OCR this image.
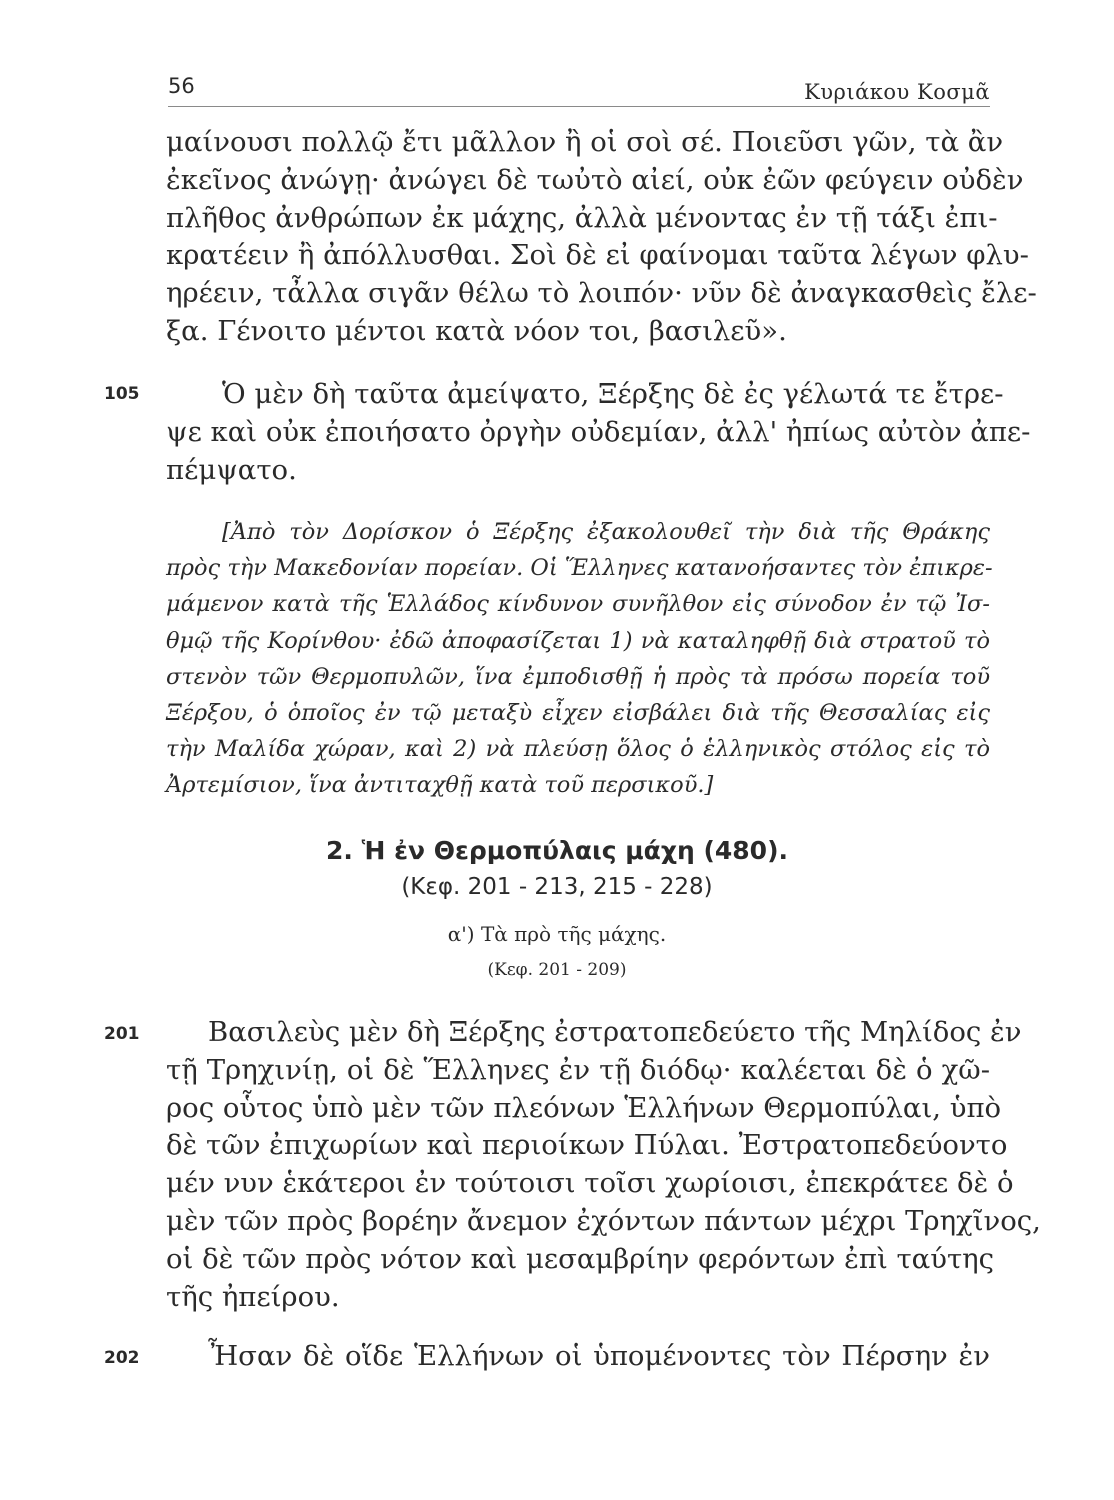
56	Κυριάκου Κοσμᾶ
μαίνουσι πολλῷ ἔτι μᾶλλον ἢ οἱ σοὶ σέ. Ποιεῦσι γῶν, τὰ ἂν
ἐκεῖνος ἀνώγῃ· ἀνώγει δὲ τωὐτὸ αἰεί, οὐκ ἐῶν φεύγειν οὐδὲν
πλῆθος ἀνθρώπων ἐκ μάχης, ἀλλὰ μένοντας ἐν τῇ τάξι ἐπι-
κρατέειν ἢ ἀπόλλυσθαι. Σοὶ δὲ εἰ φαίνομαι ταῦτα λέγων φλυ-
ηρέειν, τἆλλα σιγᾶν θέλω τὸ λοιπόν· νῦν δὲ ἀναγκασθεὶς ἔλε-
ξα. Γένοιτο μέντοι κατὰ νόον τοι, βασιλεῦ».
105	Ὁ μὲν δὴ ταῦτα ἀμείψατο, Ξέρξης δὲ ἐς γέλωτά τε ἔτρε-
ψε καὶ οὐκ ἐποιήσατο ὀργὴν οὐδεμίαν, ἀλλ' ἠπίως αὐτὸν ἀπε-
πέμψατο.
[Ἀπὸ τὸν Δορίσκον ὁ Ξέρξης ἐξακολουθεῖ τὴν διὰ τῆς Θράκης
πρὸς τὴν Μακεδονίαν πορείαν. Οἱ Ἕλληνες κατανοήσαντες τὸν ἐπικρε-
μάμενον κατὰ τῆς Ἑλλάδος κίνδυνον συνῆλθον εἰς σύνοδον ἐν τῷ Ἰσ-
θμῷ τῆς Κορίνθου· ἐδῶ ἀποφασίζεται 1) νὰ καταληφθῇ διὰ στρατοῦ τὸ
στενὸν τῶν Θερμοπυλῶν, ἵνα ἐμποδισθῇ ἡ πρὸς τὰ πρόσω πορεία τοῦ
Ξέρξου, ὁ ὁποῖος ἐν τῷ μεταξὺ εἶχεν εἰσβάλει διὰ τῆς Θεσσαλίας εἰς
τὴν Μαλίδα χώραν, καὶ 2) νὰ πλεύσῃ ὅλος ὁ ἑλληνικὸς στόλος εἰς τὸ
Ἀρτεμίσιον, ἵνα ἀντιταχθῇ κατὰ τοῦ περσικοῦ.]
2. Ἡ ἐν Θερμοπύλαις μάχη (480).
(Κεφ. 201 - 213, 215 - 228)
α') Τὰ πρὸ τῆς μάχης.
(Κεφ. 201 - 209)
201	Βασιλεὺς μὲν δὴ Ξέρξης ἐστρατοπεδεύετο τῆς Μηλίδος ἐν
τῇ Τρηχινίῃ, οἱ δὲ Ἕλληνες ἐν τῇ διόδῳ· καλέεται δὲ ὁ χῶ-
ρος οὗτος ὑπὸ μὲν τῶν πλεόνων Ἑλλήνων Θερμοπύλαι, ὑπὸ
δὲ τῶν ἐπιχωρίων καὶ περιοίκων Πύλαι. Ἐστρατοπεδεύοντο
μέν νυν ἑκάτεροι ἐν τούτοισι τοῖσι χωρίοισι, ἐπεκράτεε δὲ ὁ
μὲν τῶν πρὸς βορέην ἄνεμον ἐχόντων πάντων μέχρι Τρηχῖνος,
οἱ δὲ τῶν πρὸς νότον καὶ μεσαμβρίην φερόντων ἐπὶ ταύτης
τῆς ἠπείρου.
202	Ἦσαν δὲ οἵδε Ἑλλήνων οἱ ὑπομένοντες τὸν Πέρσην ἐν
